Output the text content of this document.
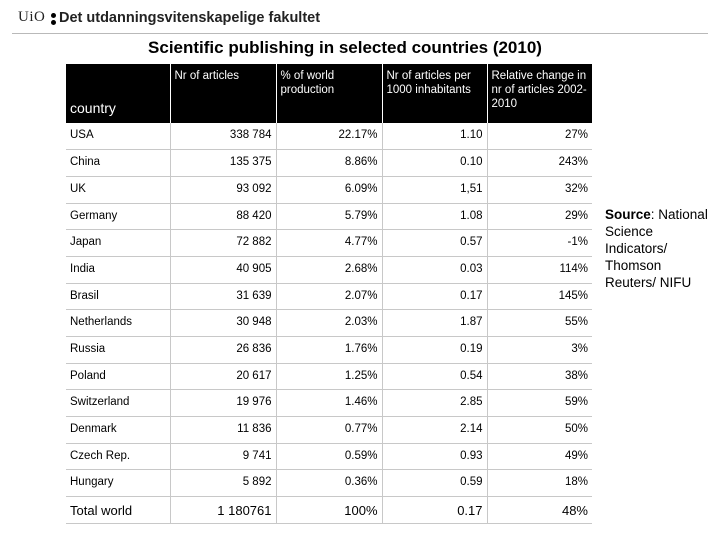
UiO Det utdanningsvitenskapelige fakultet
Scientific publishing in selected countries (2010)
country	Nr of articles	% of world production	Nr of articles per 1000 inhabitants	Relative change in nr of articles 2002-2010
USA	338 784	22.17%	1.10	27%
China	135 375	8.86%	0.10	243%
UK	93 092	6.09%	1,51	32%
Germany	88 420	5.79%	1.08	29%
Japan	72 882	4.77%	0.57	-1%
India	40 905	2.68%	0.03	114%
Brasil	31 639	2.07%	0.17	145%
Netherlands	30 948	2.03%	1.87	55%
Russia	26 836	1.76%	0.19	3%
Poland	20 617	1.25%	0.54	38%
Switzerland	19 976	1.46%	2.85	59%
Denmark	11 836	0.77%	2.14	50%
Czech Rep.	9 741	0.59%	0.93	49%
Hungary	5 892	0.36%	0.59	18%
Total world	1 180761	100%	0.17	48%
Source: National Science Indicators/ Thomson Reuters/ NIFU
